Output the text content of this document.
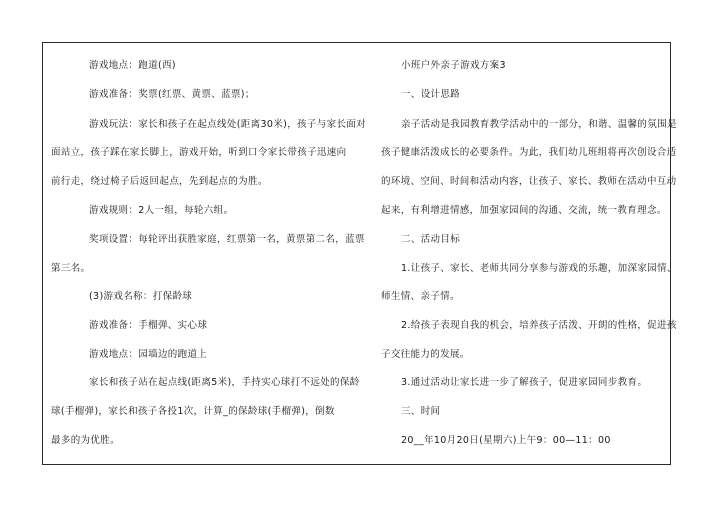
游戏地点：跑道(西)
游戏准备：奖票(红票、黄票、蓝票)；
游戏玩法：家长和孩子在起点线处(距离30米)，孩子与家长面对
面站立，孩子踩在家长脚上，游戏开始，听到口令家长带孩子迅速向
前行走，绕过椅子后返回起点，先到起点的为胜。
游戏规则：2人一组，每轮六组。
奖项设置：每轮评出获胜家庭，红票第一名，黄票第二名，蓝票
第三名。
(3)游戏名称：打保龄球
游戏准备：手榴弹、实心球
游戏地点：园墙边的跑道上
家长和孩子站在起点线(距离5米)，手持实心球打不远处的保龄
球(手榴弹)，家长和孩子各投1次，计算_的保龄球(手榴弹)，倒数
最多的为优胜。
小班户外亲子游戏方案3
一、设计思路
亲子活动是我园教育教学活动中的一部分，和谐、温馨的氛围是
孩子健康活泼成长的必要条件。为此，我们幼儿班组将再次创设合适
的环境、空间、时间和活动内容，让孩子、家长、教师在活动中互动
起来，有利增进情感，加强家园间的沟通、交流，统一教育理念。
二、活动目标
1.让孩子、家长、老师共同分享参与游戏的乐趣，加深家园情、
师生情、亲子情。
2.给孩子表现自我的机会，培养孩子活泼、开朗的性格，促进孩
子交往能力的发展。
3.通过活动让家长进一步了解孩子，促进家园同步教育。
三、时间
20__年10月20日(星期六)上午9：00—11：00
